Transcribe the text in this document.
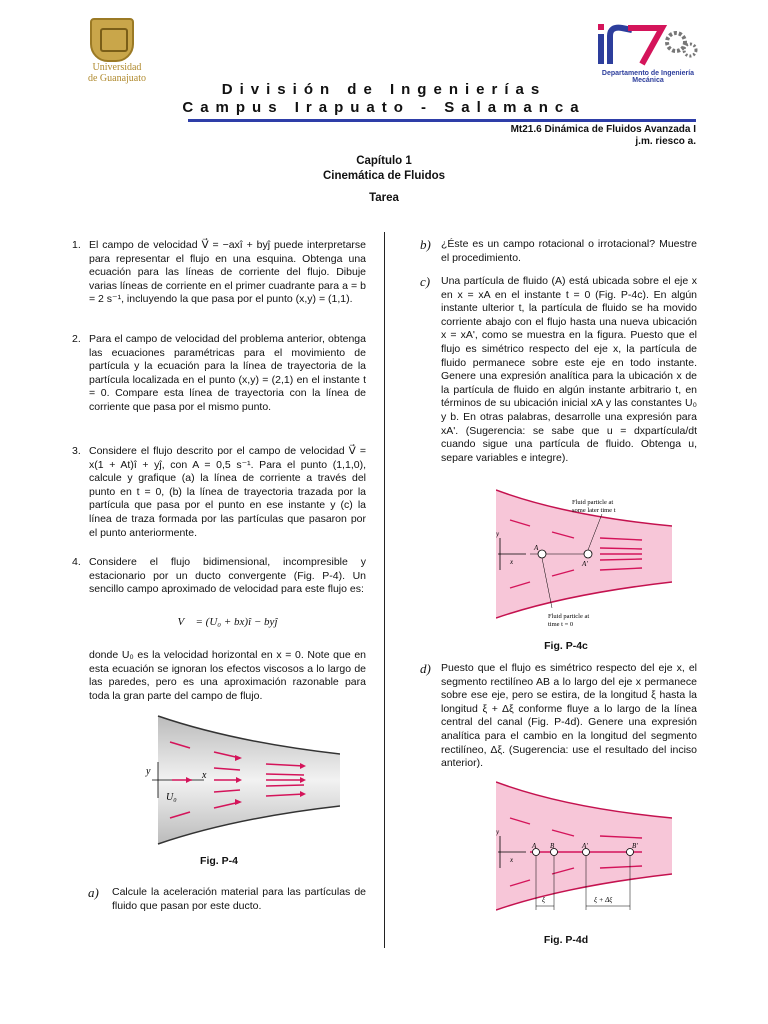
Universidad
de Guanajuato	Departamento de Ingeniería Mecánica
División de Ingenierías
Campus Irapuato - Salamanca
Mt21.6 Dinámica de Fluidos Avanzada I
j.m. riesco a.
Capítulo 1
Cinemática de Fluidos
Tarea
1. El campo de velocidad V⃗ = −axî + byĵ puede interpretarse para representar el flujo en una esquina. Obtenga una ecuación para las líneas de corriente del flujo. Dibuje varias líneas de corriente en el primer cuadrante para a = b = 2 s⁻¹, incluyendo la que pasa por el punto (x,y) = (1,1).
2. Para el campo de velocidad del problema anterior, obtenga las ecuaciones paramétricas para el movimiento de partícula y la ecuación para la línea de trayectoria de la partícula localizada en el punto (x,y) = (2,1) en el instante t = 0. Compare esta línea de trayectoria con la línea de corriente que pasa por el mismo punto.
3. Considere el flujo descrito por el campo de velocidad V⃗ = x(1 + At)î + yĵ, con A = 0,5 s⁻¹. Para el punto (1,1,0), calcule y grafique (a) la línea de corriente a través del punto en t = 0, (b) la línea de trayectoria trazada por la partícula que pasa por el punto en ese instante y (c) la línea de traza formada por las partículas que pasaron por el punto anteriormente.
4. Considere el flujo bidimensional, incompresible y estacionario por un ducto convergente (Fig. P-4). Un sencillo campo aproximado de velocidad para este flujo es:
V⃗ = (U₀ + bx)î − byĵ
donde U₀ es la velocidad horizontal en x = 0. Note que en esta ecuación se ignoran los efectos viscosos a lo largo de las paredes, pero es una aproximación razonable para toda la gran parte del campo de flujo.
y	x
U₀
Fig. P-4
a) Calcule la aceleración material para las partículas de fluido que pasan por este ducto.
b) ¿Éste es un campo rotacional o irrotacional? Muestre el procedimiento.
c) Una partícula de fluido (A) está ubicada sobre el eje x en x = xA en el instante t = 0 (Fig. P-4c). En algún instante ulterior t, la partícula de fluido se ha movido corriente abajo con el flujo hasta una nueva ubicación x = xA', como se muestra en la figura. Puesto que el flujo es simétrico respecto del eje x, la partícula de fluido permanece sobre este eje en todo instante. Genere una expresión analítica para la ubicación x de la partícula de fluido en algún instante arbitrario t, en términos de su ubicación inicial xA y las constantes U₀ y b. En otras palabras, desarrolle una expresión para xA'. (Sugerencia: se sabe que u = dxpartícula/dt cuando sigue una partícula de fluido. Obtenga u, separe variables e integre).
Fluid particle at
some later time t
Fluid particle at
time t = 0
A
A'
y
x
Fig. P-4c
d) Puesto que el flujo es simétrico respecto del eje x, el segmento rectilíneo AB a lo largo del eje x permanece sobre ese eje, pero se estira, de la longitud ξ hasta la longitud ξ + Δξ conforme fluye a lo largo de la línea central del canal (Fig. P-4d). Genere una expresión analítica para el cambio en la longitud del segmento rectilíneo, Δξ. (Sugerencia: use el resultado del inciso anterior).
A B	A'	B'
y
x
ξ	ξ + Δξ
Fig. P-4d
